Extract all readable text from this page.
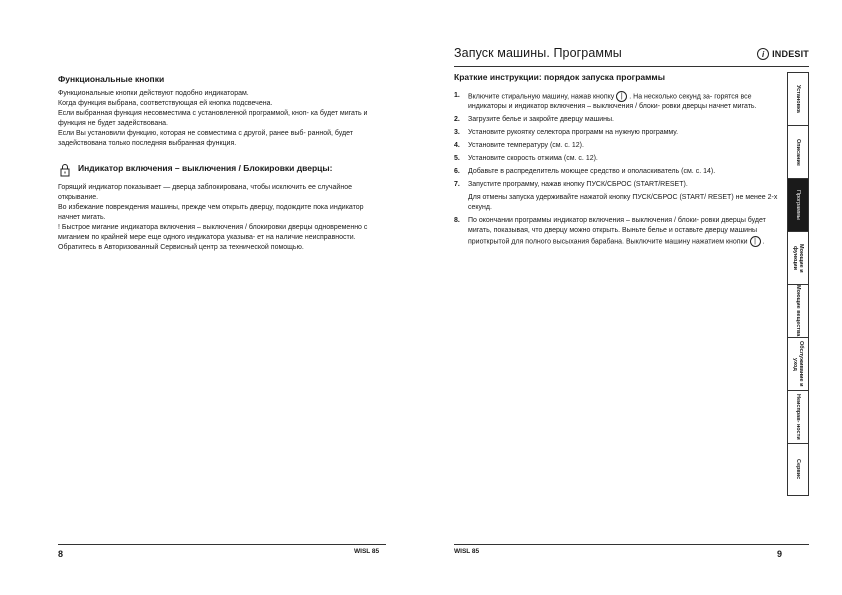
Функциональные кнопки

Функциональные кнопки действуют подобно индикаторам.

Когда функция выбрана, соответствующая ей кнопка подсвечена.

Если выбранная функция несовместима с установленной программой, кноп- ка будет мигать и функция не будет задействована.

Если Вы установили функцию, которая не совместима с другой, ранее выб- ранной, будет задействована только последняя выбранная функция.

Индикатор включения – выключения / Блокировки дверцы:

Горящий индикатор показывает — дверца заблокирована, чтобы исключить ее случайное открывание.

Во избежание повреждения машины, прежде чем открыть дверцу, подождите пока индикатор начнет мигать.

! Быстрое мигание индикатора включения – выключения / блокировки дверцы одновременно с миганием по крайней мере еще одного индикатора указыва- ет на наличие неисправности. Обратитесь в Авторизованный Сервисный центр за технической помощью.

8	WISL 85
Запуск машины. Программы	i INDESIT
Краткие инструкции: порядок запуска программы
1.	Включите стиральную машину, нажав кнопку | . На несколько секунд за- горятся все индикаторы и индикатор включения – выключения / блоки- ровки дверцы начнет мигать.
2.	Загрузите белье и закройте дверцу машины.
3.	Установите рукоятку селектора программ на нужную программу.
4.	Установите температуру (см. с. 12).
5.	Установите скорость отжима (см. с. 12).
6.	Добавьте в распределитель моющее средство и ополаскиватель (см. с. 14).
7.	Запустите программу, нажав кнопку ПУСК/СБРОС (START/RESET).
Для отмены запуска удерживайте нажатой кнопку ПУСК/СБРОС (START/ RESET) не менее 2-х секунд.
8.	По окончании программы индикатор включения – выключения / блоки- ровки дверцы будет мигать, показывая, что дверцу можно открыть. Выньте белье и оставьте дверцу машины приоткрытой для полного высыхания барабана. Выключите машину нажатием кнопки | .
Установка
Описание
Программы
Моющие и функции
Моющие вещества
Обслуживание и уход
Неисправ- ности
Сервис
WISL 85	9
